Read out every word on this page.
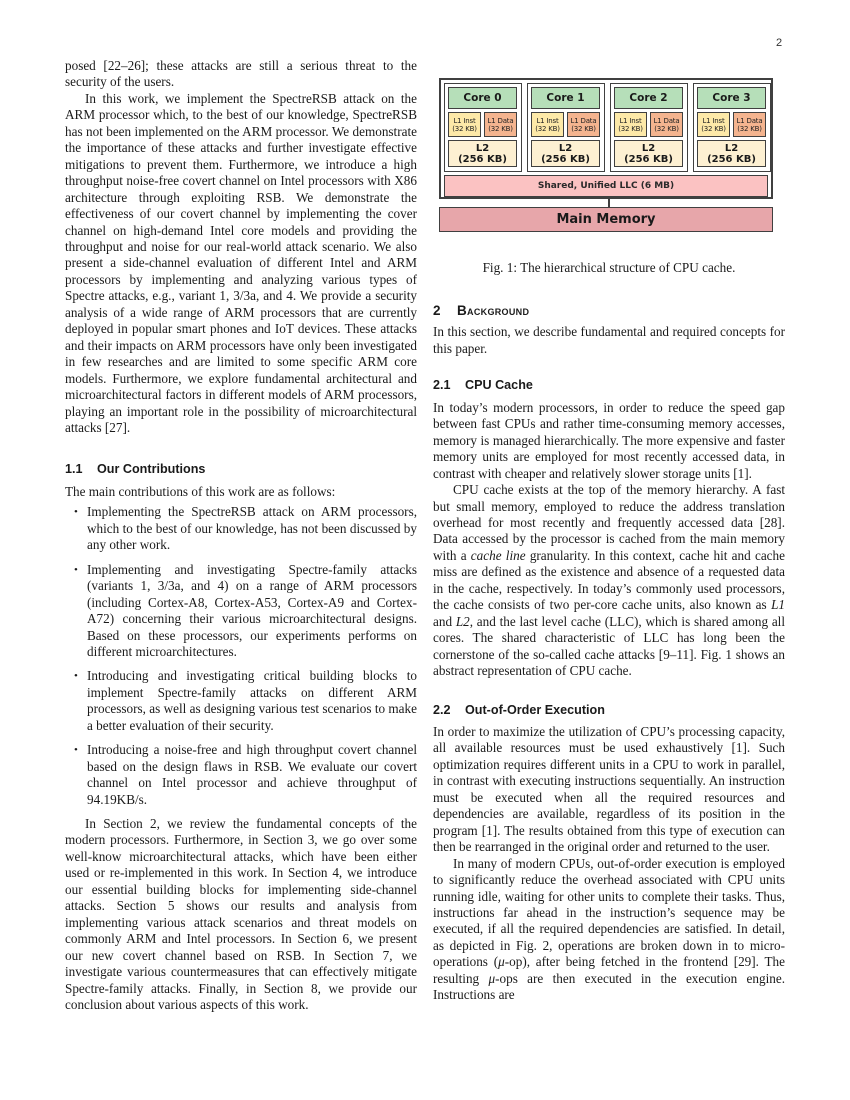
2

posed [22–26]; these attacks are still a serious threat to the security of the users.

In this work, we implement the SpectreRSB attack on the ARM processor which, to the best of our knowledge, SpectreRSB has not been implemented on the ARM processor. We demonstrate the importance of these attacks and further investigate effective mitigations to prevent them. Furthermore, we introduce a high throughput noise-free covert channel on Intel processors with X86 architecture through exploiting RSB. We demonstrate the effectiveness of our covert channel by implementing the cover channel on high-demand Intel core models and providing the throughput and noise for our real-world attack scenario. We also present a side-channel evaluation of different Intel and ARM processors by implementing and analyzing various types of Spectre attacks, e.g., variant 1, 3/3a, and 4. We provide a security analysis of a wide range of ARM processors that are currently deployed in popular smart phones and IoT devices. These attacks and their impacts on ARM processors have only been investigated in few researches and are limited to some specific ARM core models. Furthermore, we explore fundamental architectural and microarchitectural factors in different models of ARM processors, playing an important role in the possibility of microarchitectural attacks [27].

1.1	Our Contributions

The main contributions of this work are as follows:

• Implementing the SpectreRSB attack on ARM processors, which to the best of our knowledge, has not been discussed by any other work.
• Implementing and investigating Spectre-family attacks (variants 1, 3/3a, and 4) on a range of ARM processors (including Cortex-A8, Cortex-A53, Cortex-A9 and Cortex-A72) concerning their various microarchitectural designs. Based on these processors, our experiments performs on different microarchitectures.
• Introducing and investigating critical building blocks to implement Spectre-family attacks on different ARM processors, as well as designing various test scenarios to make a better evaluation of their security.
• Introducing a noise-free and high throughput covert channel based on the design flaws in RSB. We evaluate our covert channel on Intel processor and achieve throughput of 94.19KB/s.

In Section 2, we review the fundamental concepts of the modern processors. Furthermore, in Section 3, we go over some well-know microarchitectural attacks, which have been either used or re-implemented in this work. In Section 4, we introduce our essential building blocks for implementing side-channel attacks. Section 5 shows our results and analysis from implementing various attack scenarios and threat models on commonly ARM and Intel processors. In Section 6, we present our new covert channel based on RSB. In Section 7, we investigate various countermeasures that can effectively mitigate Spectre-family attacks. Finally, in Section 8, we provide our conclusion about various aspects of this work.

Core 0
L1 Inst
(32 KB)
L1 Data
(32 KB)
L2
(256 KB)
Core 1
L1 Inst
(32 KB)
L1 Data
(32 KB)
L2
(256 KB)
Core 2
L1 Inst
(32 KB)
L1 Data
(32 KB)
L2
(256 KB)
Core 3
L1 Inst
(32 KB)
L1 Data
(32 KB)
L2
(256 KB)
Shared, Unified LLC (6 MB)
Main Memory
Fig. 1: The hierarchical structure of CPU cache.
2	Background

In this section, we describe fundamental and required concepts for this paper.

2.1	CPU Cache

In today’s modern processors, in order to reduce the speed gap between fast CPUs and rather time-consuming memory accesses, memory is managed hierarchically. The more expensive and faster memory units are employed for most recently accessed data, in contrast with cheaper and relatively slower storage units [1].

CPU cache exists at the top of the memory hierarchy. A fast but small memory, employed to reduce the address translation overhead for most recently and frequently accessed data [28]. Data accessed by the processor is cached from the main memory with a cache line granularity. In this context, cache hit and cache miss are defined as the existence and absence of a requested data in the cache, respectively. In today’s commonly used processors, the cache consists of two per-core cache units, also known as L1 and L2, and the last level cache (LLC), which is shared among all cores. The shared characteristic of LLC has long been the cornerstone of the so-called cache attacks [9–11]. Fig. 1 shows an abstract representation of CPU cache.

2.2	Out-of-Order Execution

In order to maximize the utilization of CPU’s processing capacity, all available resources must be used exhaustively [1]. Such optimization requires different units in a CPU to work in parallel, in contrast with executing instructions sequentially. An instruction must be executed when all the required resources and dependencies are available, regardless of its position in the program [1]. The results obtained from this type of execution can then be rearranged in the original order and returned to the user.

In many of modern CPUs, out-of-order execution is employed to significantly reduce the overhead associated with CPU units running idle, waiting for other units to complete their tasks. Thus, instructions far ahead in the instruction’s sequence may be executed, if all the required dependencies are satisfied. In detail, as depicted in Fig. 2, operations are broken down in to micro-operations (μ-op), after being fetched in the frontend [29]. The resulting μ-ops are then executed in the execution engine. Instructions are
